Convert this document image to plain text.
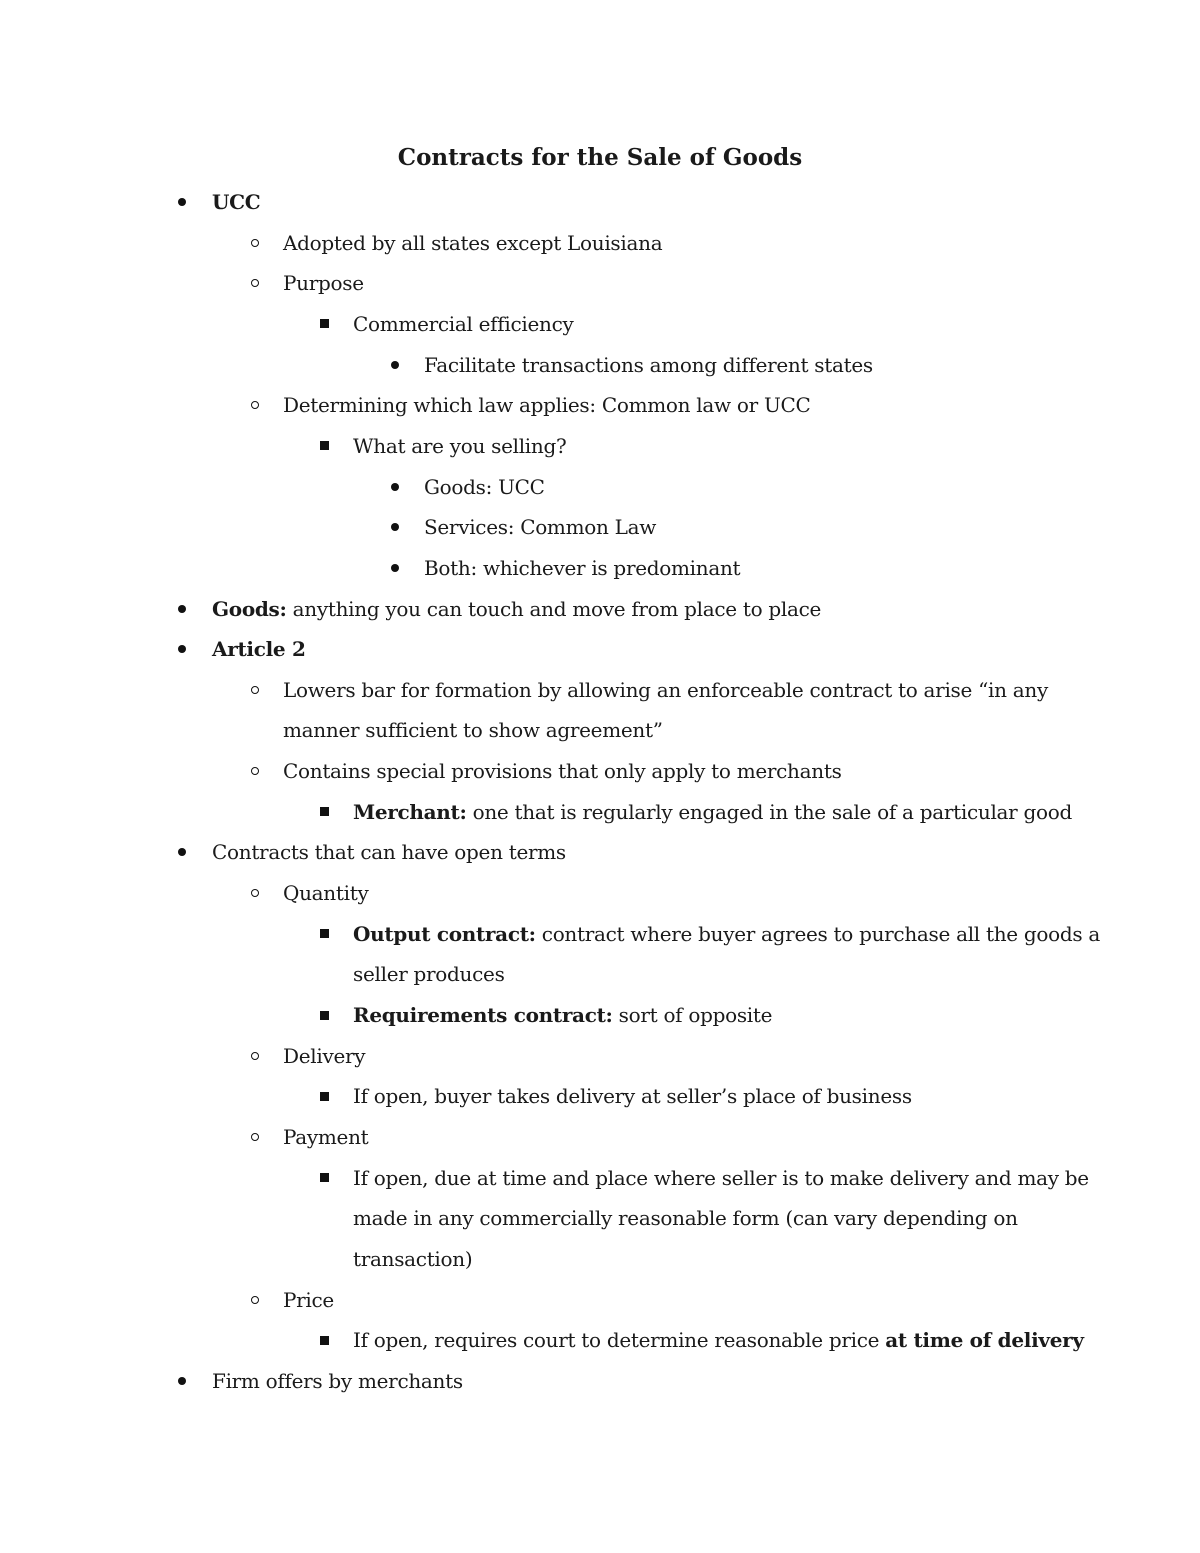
Contracts for the Sale of Goods
UCC
Adopted by all states except Louisiana
Purpose
Commercial efficiency
Facilitate transactions among different states
Determining which law applies: Common law or UCC
What are you selling?
Goods: UCC
Services: Common Law
Both: whichever is predominant
Goods: anything you can touch and move from place to place
Article 2
Lowers bar for formation by allowing an enforceable contract to arise “in any
manner sufficient to show agreement”
Contains special provisions that only apply to merchants
Merchant: one that is regularly engaged in the sale of a particular good
Contracts that can have open terms
Quantity
Output contract: contract where buyer agrees to purchase all the goods a
seller produces
Requirements contract: sort of opposite
Delivery
If open, buyer takes delivery at seller’s place of business
Payment
If open, due at time and place where seller is to make delivery and may be
made in any commercially reasonable form (can vary depending on
transaction)
Price
If open, requires court to determine reasonable price at time of delivery
Firm offers by merchants
